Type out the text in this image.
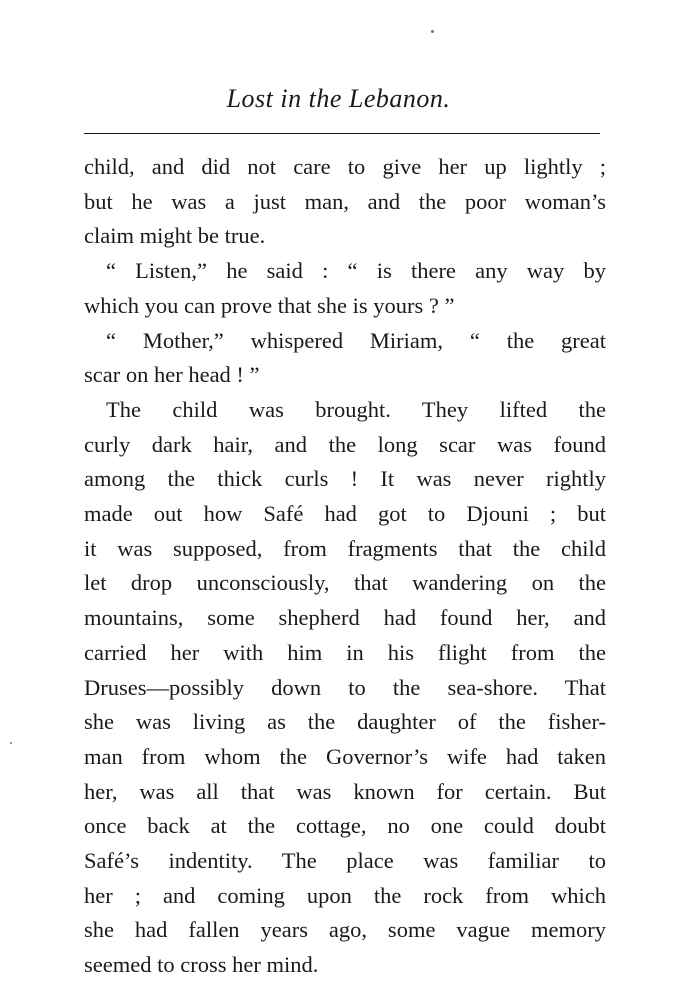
Lost in the Lebanon.
child, and did not care to give her up lightly ;
but he was a just man, and the poor woman’s
claim might be true.
“ Listen,” he said : “ is there any way by
which you can prove that she is yours ? ”
“ Mother,” whispered Miriam, “ the great
scar on her head ! ”
The child was brought. They lifted the
curly dark hair, and the long scar was found
among the thick curls ! It was never rightly
made out how Safé had got to Djouni ; but
it was supposed, from fragments that the child
let drop unconsciously, that wandering on the
mountains, some shepherd had found her, and
carried her with him in his flight from the
Druses—possibly down to the sea-shore. That
she was living as the daughter of the fisher-
man from whom the Governor’s wife had taken
her, was all that was known for certain. But
once back at the cottage, no one could doubt
Safé’s indentity. The place was familiar to
her ; and coming upon the rock from which
she had fallen years ago, some vague memory
seemed to cross her mind.
